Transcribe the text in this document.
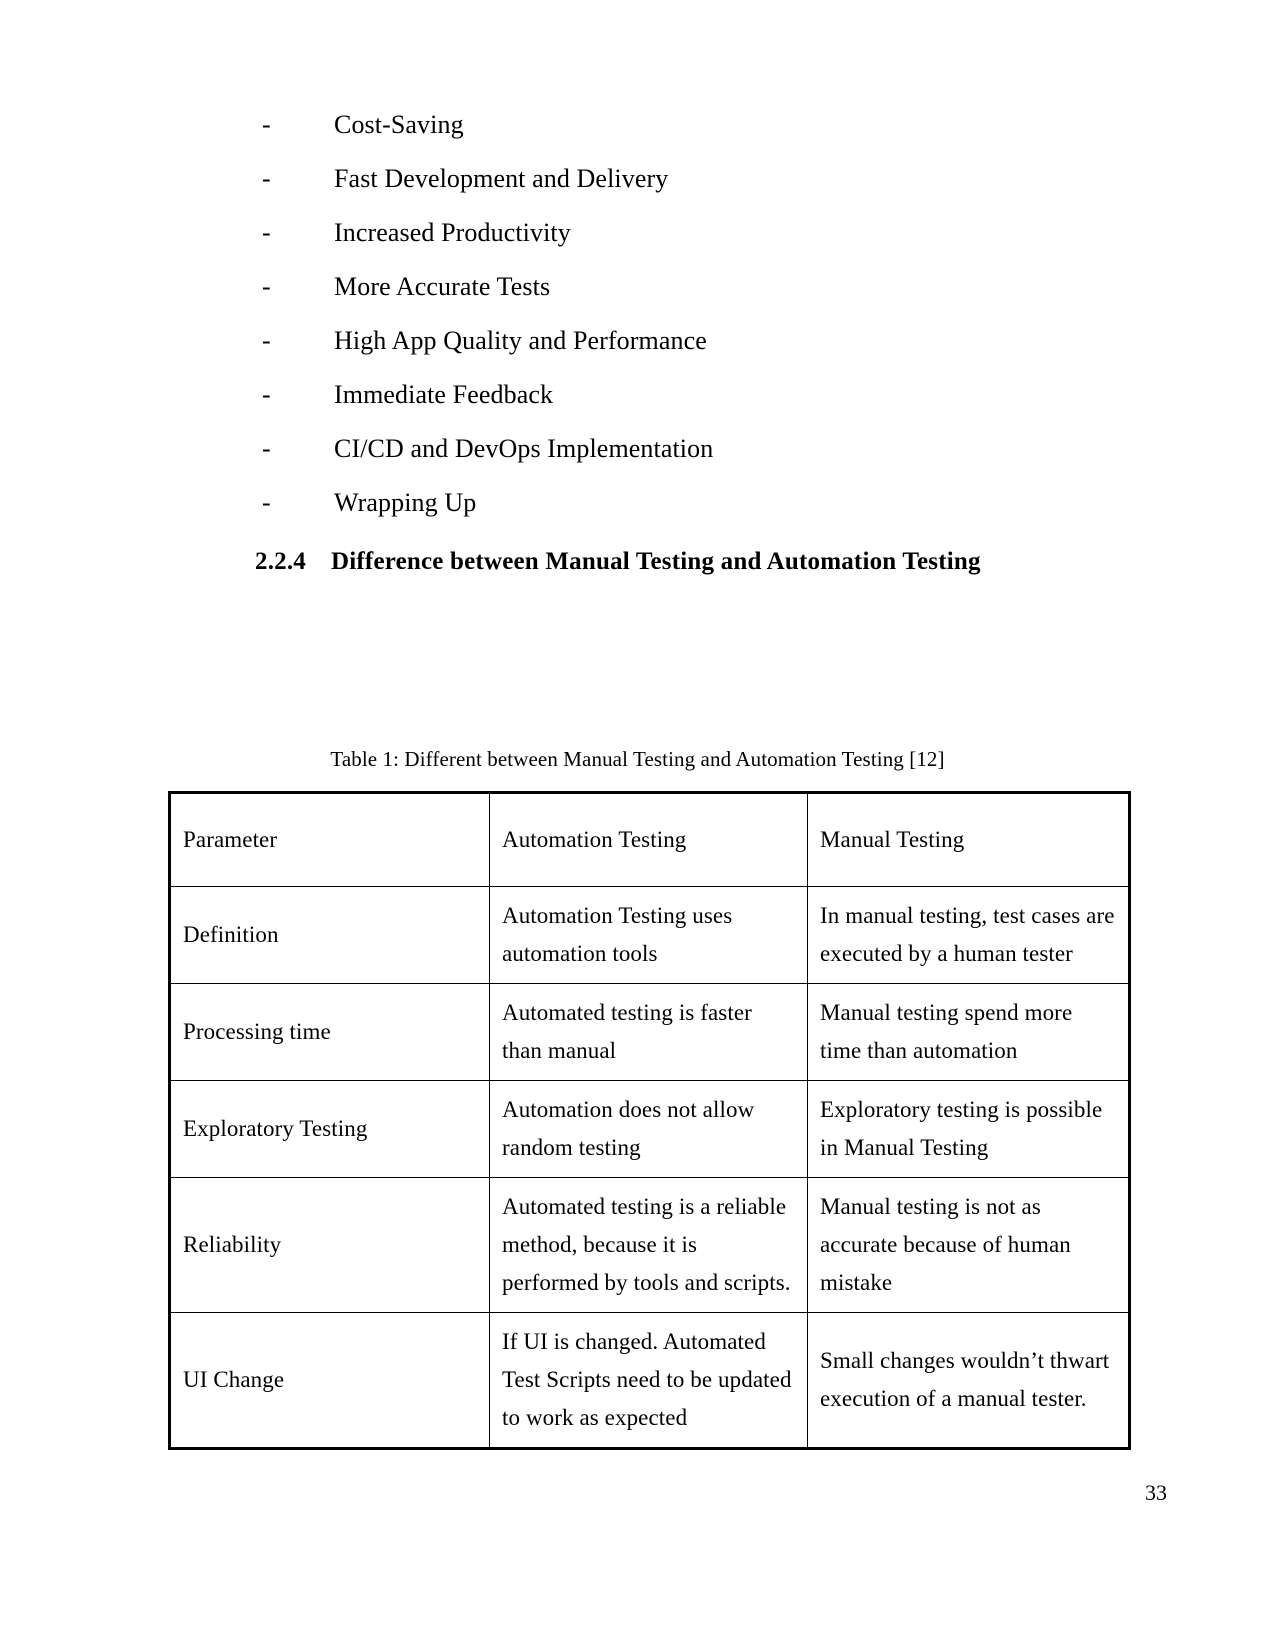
-	Cost-Saving
-	Fast Development and Delivery
-	Increased Productivity
-	More Accurate Tests
-	High App Quality and Performance
-	Immediate Feedback
-	CI/CD and DevOps Implementation
-	Wrapping Up
2.2.4	Difference between Manual Testing and Automation Testing
Table 1: Different between Manual Testing and Automation Testing [12]
Parameter	Automation Testing	Manual Testing
Definition	Automation Testing uses automation tools	In manual testing, test cases are executed by a human tester
Processing time	Automated testing is faster than manual	Manual testing spend more time than automation
Exploratory Testing	Automation does not allow random testing	Exploratory testing is possible in Manual Testing
Reliability	Automated testing is a reliable method, because it is performed by tools and scripts.	Manual testing is not as accurate because of human mistake
UI Change	If UI is changed. Automated Test Scripts need to be updated to work as expected	Small changes wouldn’t thwart execution of a manual tester.
33
